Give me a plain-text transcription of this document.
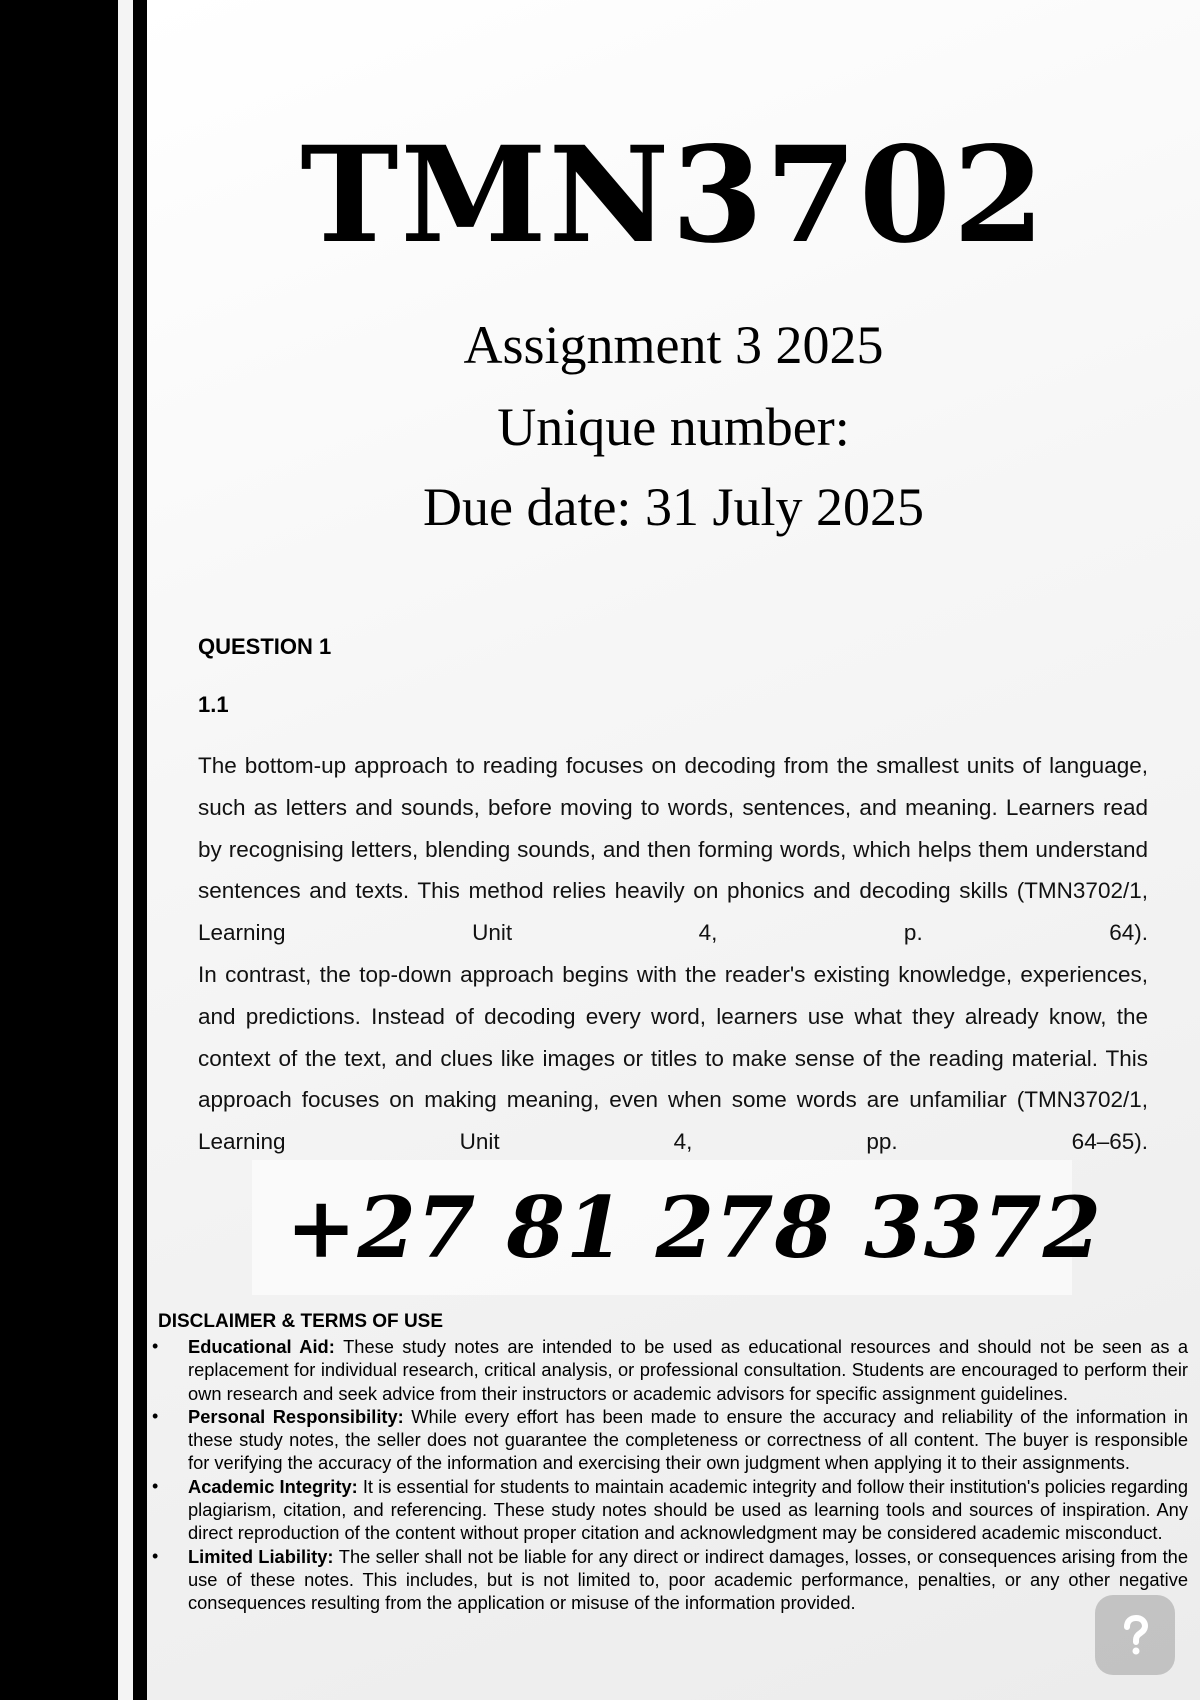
TMN3702
Assignment 3 2025
Unique number:
Due date: 31 July 2025
QUESTION 1
1.1

The bottom-up approach to reading focuses on decoding from the smallest units of language, such as letters and sounds, before moving to words, sentences, and meaning. Learners read by recognising letters, blending sounds, and then forming words, which helps them understand sentences and texts. This method relies heavily on phonics and decoding skills (TMN3702/1, Learning Unit 4, p. 64).

In contrast, the top-down approach begins with the reader's existing knowledge, experiences, and predictions. Instead of decoding every word, learners use what they already know, the context of the text, and clues like images or titles to make sense of the reading material. This approach focuses on making meaning, even when some words are unfamiliar (TMN3702/1, Learning Unit 4, pp. 64–65).

+27 81 278 3372
DISCLAIMER & TERMS OF USE
• Educational Aid: These study notes are intended to be used as educational resources and should not be seen as a replacement for individual research, critical analysis, or professional consultation. Students are encouraged to perform their own research and seek advice from their instructors or academic advisors for specific assignment guidelines.
• Personal Responsibility: While every effort has been made to ensure the accuracy and reliability of the information in these study notes, the seller does not guarantee the completeness or correctness of all content. The buyer is responsible for verifying the accuracy of the information and exercising their own judgment when applying it to their assignments.
• Academic Integrity: It is essential for students to maintain academic integrity and follow their institution's policies regarding plagiarism, citation, and referencing. These study notes should be used as learning tools and sources of inspiration. Any direct reproduction of the content without proper citation and acknowledgment may be considered academic misconduct.
• Limited Liability: The seller shall not be liable for any direct or indirect damages, losses, or consequences arising from the use of these notes. This includes, but is not limited to, poor academic performance, penalties, or any other negative consequences resulting from the application or misuse of the information provided.
